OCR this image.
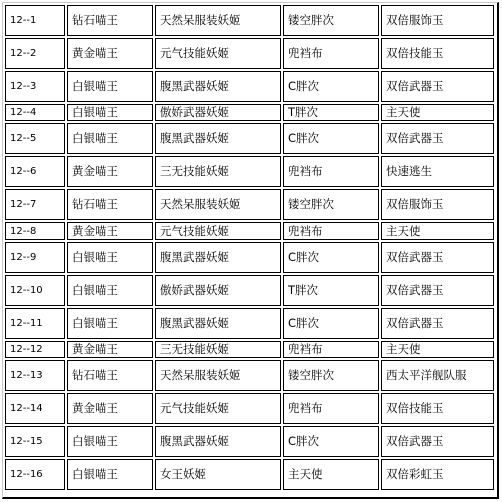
12--1	钻石喵王	天然呆服装妖姬	镂空胖次	双倍服饰玉
12--2	黄金喵王	元气技能妖姬	兜裆布	双倍技能玉
12--3	白银喵王	腹黑武器妖姬	C胖次	双倍武器玉
12--4	白银喵王	傲娇武器妖姬	T胖次	主天使
12--5	白银喵王	腹黑武器妖姬	C胖次	双倍武器玉
12--6	黄金喵王	三无技能妖姬	兜裆布	快速逃生
12--7	钻石喵王	天然呆服装妖姬	镂空胖次	双倍服饰玉
12--8	黄金喵王	元气技能妖姬	兜裆布	主天使
12--9	白银喵王	腹黑武器妖姬	C胖次	双倍武器玉
12--10	白银喵王	傲娇武器妖姬	T胖次	双倍武器玉
12--11	白银喵王	腹黑武器妖姬	C胖次	双倍武器玉
12--12	黄金喵王	三无技能妖姬	兜裆布	主天使
12--13	钻石喵王	天然呆服装妖姬	镂空胖次	西太平洋舰队服
12--14	黄金喵王	元气技能妖姬	兜裆布	双倍技能玉
12--15	白银喵王	腹黑武器妖姬	C胖次	双倍武器玉
12--16	白银喵王	女王妖姬	主天使	双倍彩虹玉
